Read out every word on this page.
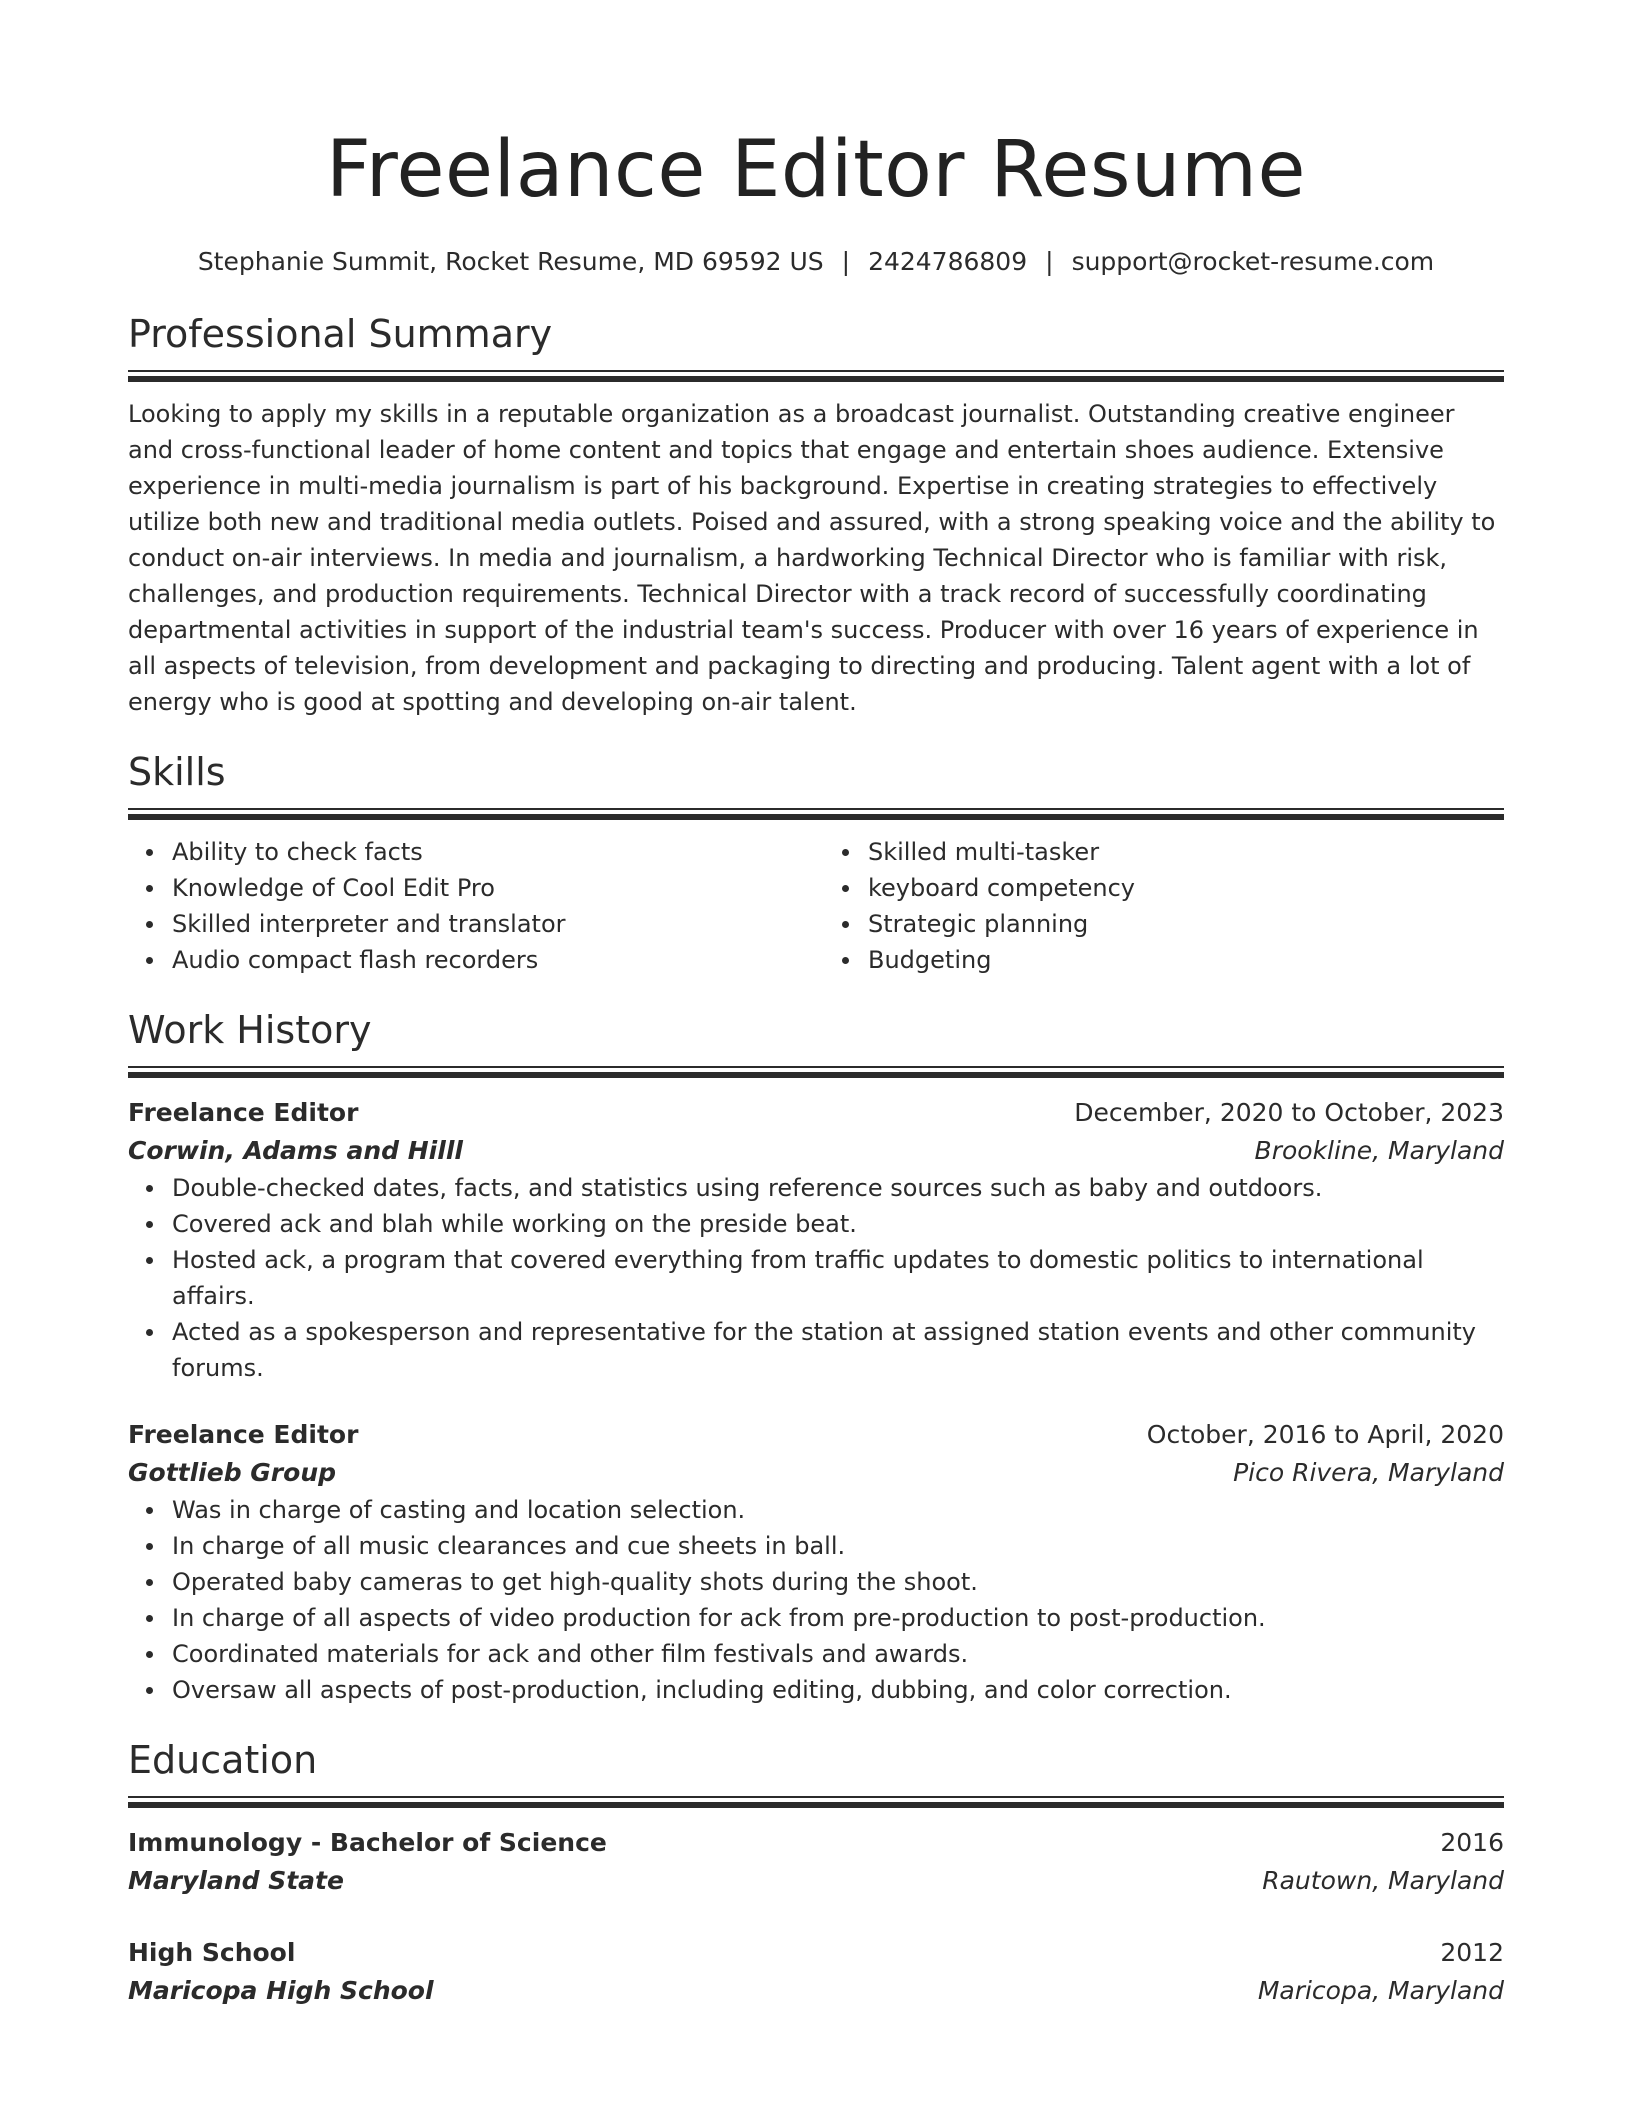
Freelance Editor Resume
Stephanie Summit, Rocket Resume, MD 69592 US | 2424786809 | support@rocket-resume.com
Professional Summary

Looking to apply my skills in a reputable organization as a broadcast journalist. Outstanding creative engineer and cross-functional leader of home content and topics that engage and entertain shoes audience. Extensive experience in multi-media journalism is part of his background. Expertise in creating strategies to effectively utilize both new and traditional media outlets. Poised and assured, with a strong speaking voice and the ability to conduct on-air interviews. In media and journalism, a hardworking Technical Director who is familiar with risk, challenges, and production requirements. Technical Director with a track record of successfully coordinating departmental activities in support of the industrial team's success. Producer with over 16 years of experience in all aspects of television, from development and packaging to directing and producing. Talent agent with a lot of energy who is good at spotting and developing on-air talent.

Skills
Ability to check facts
Knowledge of Cool Edit Pro
Skilled interpreter and translator
Audio compact flash recorders
Skilled multi-tasker
keyboard competency
Strategic planning
Budgeting
Work History
Freelance Editor	December, 2020 to October, 2023
Corwin, Adams and Hilll	Brookline, Maryland
Double-checked dates, facts, and statistics using reference sources such as baby and outdoors.
Covered ack and blah while working on the preside beat.
Hosted ack, a program that covered everything from traffic updates to domestic politics to international affairs.
Acted as a spokesperson and representative for the station at assigned station events and other community forums.
Freelance Editor	October, 2016 to April, 2020
Gottlieb Group	Pico Rivera, Maryland
Was in charge of casting and location selection.
In charge of all music clearances and cue sheets in ball.
Operated baby cameras to get high-quality shots during the shoot.
In charge of all aspects of video production for ack from pre-production to post-production.
Coordinated materials for ack and other film festivals and awards.
Oversaw all aspects of post-production, including editing, dubbing, and color correction.
Education
Immunology - Bachelor of Science	2016
Maryland State	Rautown, Maryland
High School	2012
Maricopa High School	Maricopa, Maryland
